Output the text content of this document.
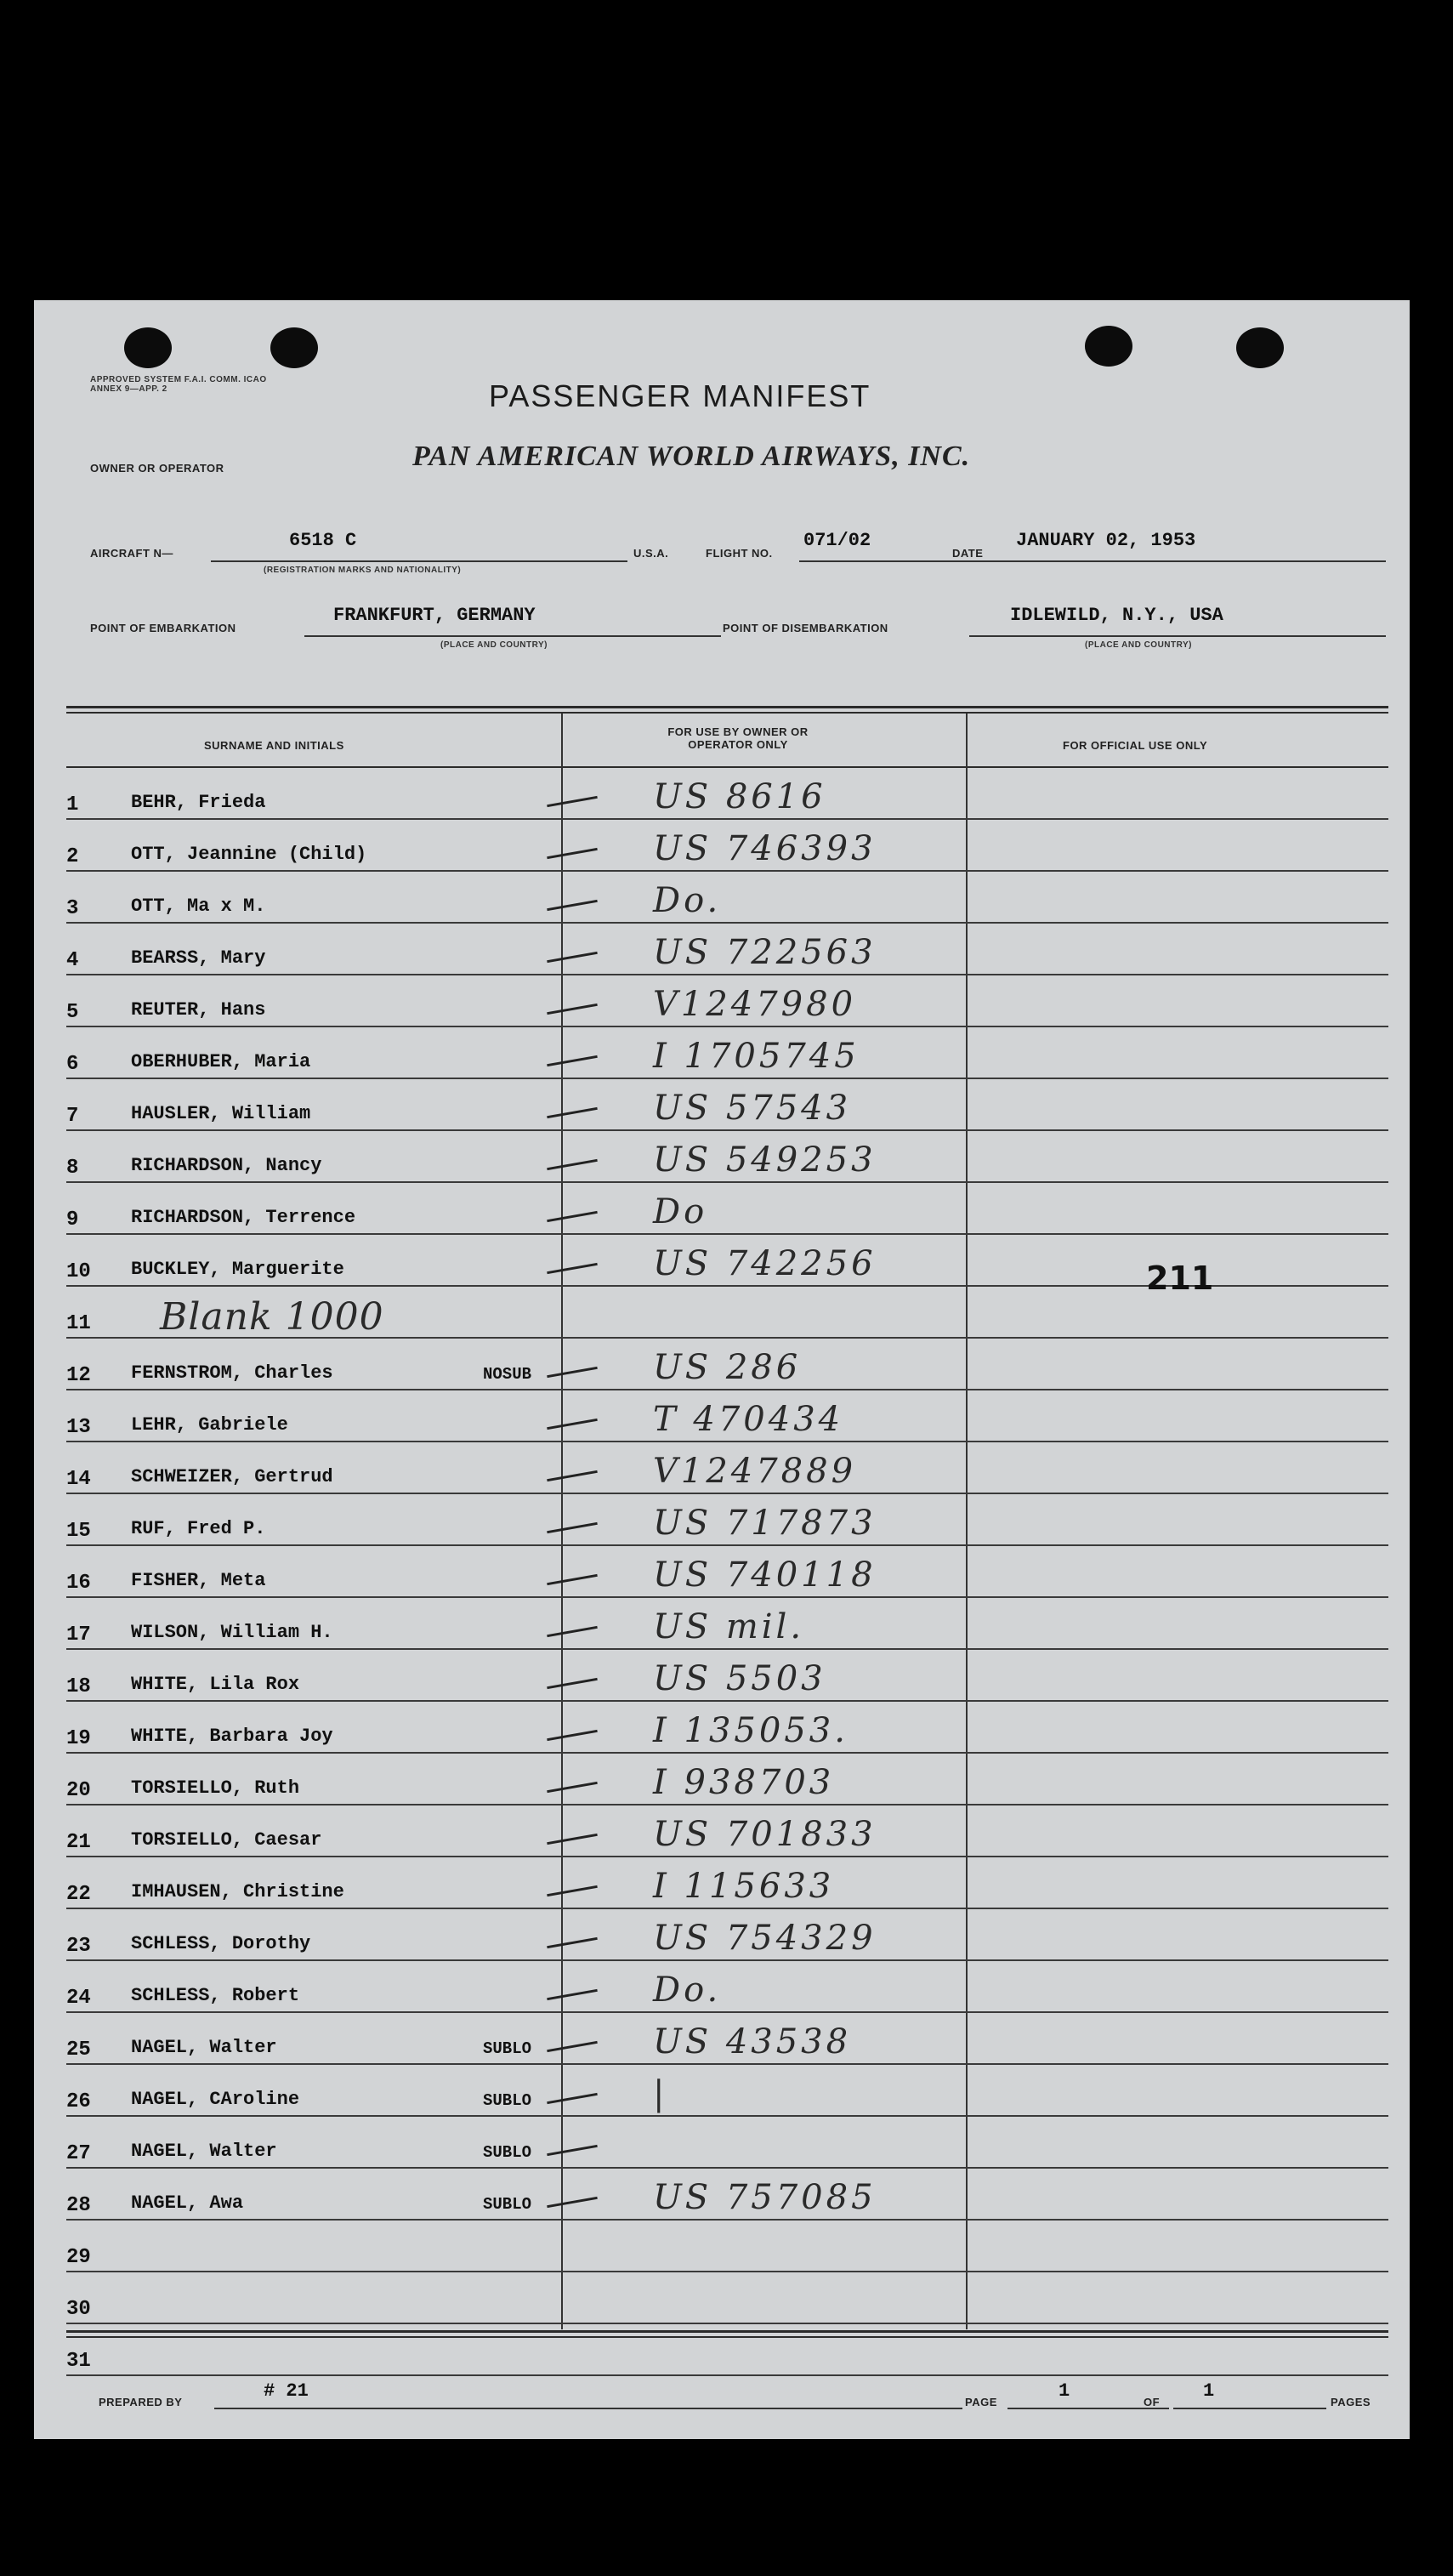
APPROVED SYSTEM F.A.I. COMM. ICAO ANNEX 9—APP. 2
OWNER OR OPERATOR
PASSENGER MANIFEST
PAN AMERICAN WORLD AIRWAYS, INC.
AIRCRAFT N—
6518 C
(REGISTRATION MARKS AND NATIONALITY)
U.S.A.	FLIGHT NO.
071/02
DATE
JANUARY 02, 1953
POINT OF EMBARKATION
FRANKFURT, GERMANY
(PLACE AND COUNTRY)
POINT OF DISEMBARKATION
IDLEWILD, N.Y., USA
(PLACE AND COUNTRY)
SURNAME AND INITIALS
FOR USE BY OWNER OR OPERATOR ONLY	FOR OFFICIAL USE ONLY
1	BEHR, Frieda	US 8616
2	OTT, Jeannine (Child)	US 746393
3	OTT, Ma x M.	Do.
4	BEARSS, Mary	US 722563
5	REUTER, Hans	V1247980
6	OBERHUBER, Maria	I 1705745
7	HAUSLER, William	US 57543
8	RICHARDSON, Nancy	US 549253
9	RICHARDSON, Terrence	Do
10 BUCKLEY, Marguerite	US 742256
11 Blank 1000
12 FERNSTROM, Charles	NOSUB	US 286
13 LEHR, Gabriele	T 470434
14 SCHWEIZER, Gertrud	V1247889
15 RUF, Fred P.	US 717873
16 FISHER, Meta	US 740118
17 WILSON, William H.	US mil.
18 WHITE, Lila Rox	US 5503
19 WHITE, Barbara Joy	I 135053.
20 TORSIELLO, Ruth	I 938703
21 TORSIELLO, Caesar	US 701833
22 IMHAUSEN, Christine	I 115633
23 SCHLESS, Dorothy	US 754329
24 SCHLESS, Robert	Do.
25 NAGEL, Walter	SUBLO	US 43538
26 NAGEL, CAroline	SUBLO	|
27 NAGEL, Walter	SUBLO
28 NAGEL, Awa	SUBLO	US 757085
29
30
31
211
PREPARED BY
# 21
PAGE
1
OF
1
PAGES
